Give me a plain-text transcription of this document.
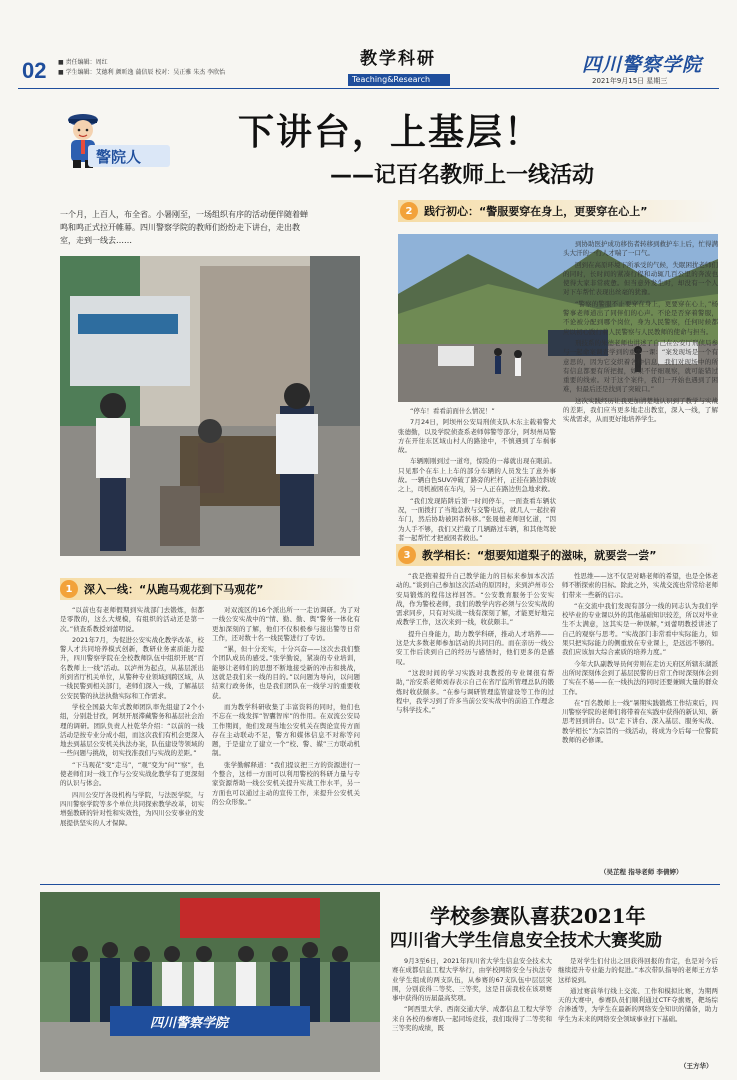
02 ■ 责任编辑：周红
■ 学生编辑：艾德利 颜昕逸 蒲信辰 校对：吴正雅 朱杰 李欣怡
教学科研
Teaching&Research
四川警察学院
2021年9月15日 星期三
警院人
下讲台，上基层！
——记百名教师上一线活动
一个月，上百人，布全省。小暑刚至，一场组织有序的活动便伴随着蝉鸣和鸣正式拉开帷幕。四川警察学院的教师们纷纷走下讲台，走出教室，走到一线去……
2	践行初心：“警服要穿在身上，更要穿在心上”

“停车！看看前面什么情况！”

7月24日，阿坝州公安局刑侦支队木东主载着警犬张德勤，以及学院侦查系老师韩警等部分，阿坝州局警方在开往东区域山村人的路途中，不慎遇到了车祸事故。

车辆刚刚到过一道弯，惊险的一幕就出现在眼前。只见那个在车上上车的部分车辆的人员发生了意外事故。一辆白色SUV冲破了路旁的栏杆，正挂在路边斜坡之上，司机被困在车内，另一人正在路边焦急地求救。

“我们发现陷阱后第一时间停车，一面查看车辆状况，一面拨打了当地急救与交警电话，就几人一起拉着车门，然后协助被困者转移。”张晟德老师回忆道，“因为人手不够，我们又拦截了几辆路过车辆，和其他驾驶者一起帮忙才把被困者救出。”

到协助医护成功移伤者转移到救护车上后，忙得满头大汗的一行人才喘了一口气。

回到在高原环境下所承受的气候，失眠困扰老师们的同时，长时间的紧凑行程和动辄几百公里的奔波也使得大家非常疲惫。但当意外发生时，却没有一个人对下车帮忙表现出丝毫的犹豫。

“警察的警服不止要穿在身上，更要穿在心上，”杨警事老师道出了同伴们的心声。不论是否穿着警服，不论被分配到哪个岗位，身为人民警察，任何时候都应以初心践行着人民警察与人民教师的使命与担当。

刑技系的朱德老师也讲述了自己在公安厅刑侦局参与一起命案调查学到的重要一课：“案发现场是一个有意思的，因为它交织着各种信息，我们对现场中的所有信息都要有所把握，如果不仔细观察，就可能错过重要的线索。对于这个案件，我们一开始也遇到了困难，但最后还是找到了突破口。”

这次实践经历让我更加清楚地认识到了教学与实战的差距，我们应当更多地走出教室，深入一线，了解实战需求，从而更好地培养学生。

3	教学相长：“想要知道梨子的滋味，就要尝一尝”

“我是抱着提升自己教学能力的目标来参加本次活动的。”谈到自己参加这次活动的原因时，来到泸州市公安局锻炼的程伟这样回答。“公安教育服务于公安实战，作为警校老师，我们的教学内容必须与公安实战的需求同步，只有对实战一线有深刻了解，才能更好地完成教学工作，这次来到一线，收获颇丰。”

提升自身能力，助力教学科研，推动人才培养——这是大多数老师参加活动的共同目的。而在亲历一线公安工作后读到自己的经历与感悟时，他们更多的是感叹。

“这段时间的学习实践对我教授的专业课很有帮助，”治安系老师刘春表示自己在省厅监所管理总队的锻炼时收获颇多。“在参与调研管理监管建设等工作的过程中，我学习到了许多当前公安实战中的前沿工作理念与科学技术。”

性思维——这不仅是对略老师的希望，也是全体老师不断探索的目标。除此之外，实战交流也常常给老师们带来一些新的启示。

“在交流中我们发现有部分一线的同志认为我们学校毕业的专业课以外的其他基础知识较差，所以对毕业生不太满意，这其实是一种误解，”刘蕾明教授讲述了自己的观察与思考。“实战部门非常看中实际能力，如果只把实际能力的侧重放在专业课上，是远远不够的。我们应该加大综合素质的培养力度。”

今年大队副教导员何劳则在走访天府区所辖东湖派出所时深刻体会到了基层民警的日常工作时深刻体会到了实在不易——在一线执法的同时还要兼顾大量的群众工作。

在“百名教师上一线”暑期实践锻炼工作结束后，四川警察学院的老师们将带着在实践中获得的新认知、新思考回到讲台。以“走下讲台、深入基层、服务实战、教学相长”为宗旨的一线活动，将成为今后每一位警院教师的必修课。

（吴芷程 指导老师 李倩婷）
1	深入一线：“从跑马观花到下马观花”

“以前也有老师假期到实战部门去锻炼，但都是零散的，这么大规模，有组织的活动还是第一次。”侦查系教授刘蕾明说。

2021年7月，为促进公安实战化教学改革，校警人才共同培养模式创新，教研业务素质能力提升，四川警察学院在全校教师队伍中组织开展“百名教师上一线”活动。以泸州为起点，从基层派出所到省厅机关单位，从警种专业领域到跨区域，从一线民警到相关部门，老师们深入一线，了解基层公安民警的执法执勤实际和工作需求。

学校全国最大年式教师团队率先组建了2个小组，分别赴甘孜，阿坝开展滞藏警务和基层社会治理的调研。团队负责人杜乾华介绍：“以前的一线活动是按专业分成小组，而这次我们有机会更深入地去到基层公安机关执法办案，队伍建设等领域的一些问题与挑战，切实找准我们与实战的差距。”

“下马观花”变“走马”，“观”变为“问”“察”，也使老师们对一线工作与公安实战化教学有了更深刻的认识与体会。

四川公安厅各设机构与学院，与法医学院，与四川警察学院等多个单位共同探索教学改革，切实增强教研的针对性和实效性，为四川公安事业的发展提供坚实的人才保障。

对双流区的16个派出所一一走访调研。为了对一线公安实战中的“情、勤、勤、舆”警务一体化有更加深刻的了解，他们不仅积极参与接出警等日常工作，还对数十名一线民警进行了专访。

“累，但十分充实，十分兴奋——这次去我们整个团队成员的感受。”张学勤说，紧凑的专业培训，能够让老师们的思想不断地接受新的冲击和挑战，这就是我们来一线的目的。”以问题为导向，以问题结束行政务体，也是我们团队在一线学习的重要收获。

而为教学科研收集了丰富资料的同时，他们也不忘在一线发挥“智囊智库”的作用。在双流公安局工作期间，他们发现当地公安机关在舆论宣传方面存在主动联动不足，警方和媒体信息不对称等问题，于是建立了建立一个“校、警、媒”三方联动机制。

张学勤解释道：“我们提议把三方的资源进行一个整合，这样一方面可以利用警校的科研力量与专家资源帮助一线公安机关提升实战工作水平，另一方面也可以通过主动的宣传工作，来提升公安机关的公众形象。”

四川警察学院
学校参赛队喜获2021年
四川省大学生信息安全技术大赛奖励

9月3至6日，2021年四川省大学生信息安全技术大赛在成都信息工程大学举行，由学校网络安全与执法专业学生组成的两支队伍，从参赛的67支队伍中层层突围，分别获得二等奖、三等奖，这是目前我校在该项赛事中获得的历届最高奖项。

“阿西里大学、西南交通大学、成都信息工程大学等来自各校的参赛队一起同场竞技，我们取得了二等奖和三等奖的成绩，既

是对学生们付出之回获得回报的肯定，也是对今后继续提升专业能力的促进。”本次带队指导的老师王方华这样说到。

通过赛前举行线上交流、工作和模拟比赛，为期两天的大赛中，参赛队员们顺利通过CTF夺旗赛，靶场综合渗透等，为学生在最新的网络安全知识的储备，助力学生为未来的网络安全领域事业打下基础。

（王方华）
